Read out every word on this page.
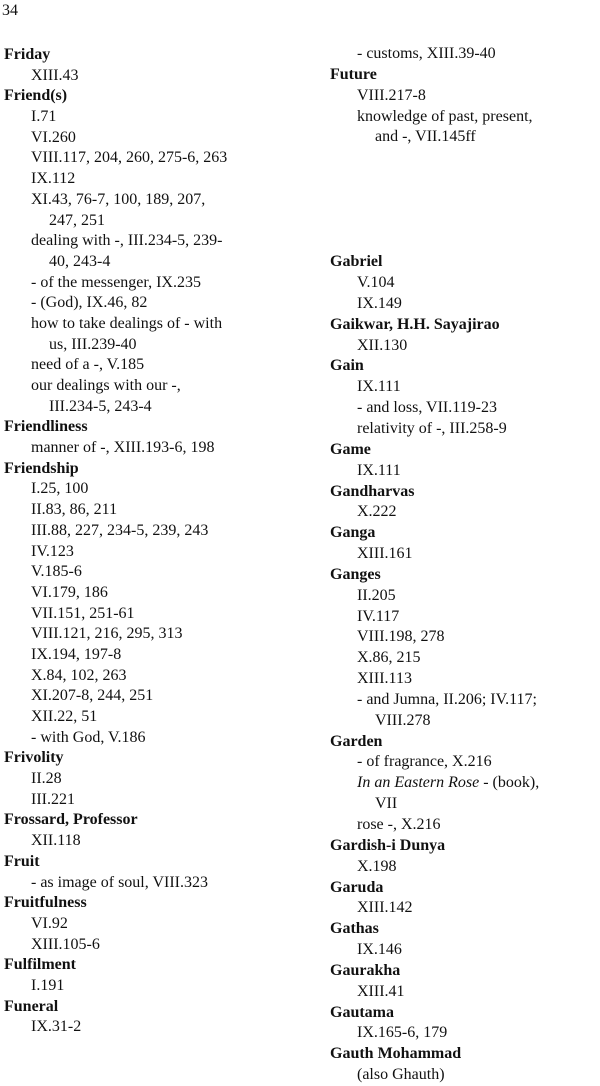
34
Friday
XIII.43
Friend(s)
I.71
VI.260
VIII.117, 204, 260, 275-6, 263
IX.112
XI.43, 76-7, 100, 189, 207,
247, 251
dealing with -, III.234-5, 239-
40, 243-4
- of the messenger, IX.235
- (God), IX.46, 82
how to take dealings of - with
us, III.239-40
need of a -, V.185
our dealings with our -,
III.234-5, 243-4
Friendliness
manner of -, XIII.193-6, 198
Friendship
I.25, 100
II.83, 86, 211
III.88, 227, 234-5, 239, 243
IV.123
V.185-6
VI.179, 186
VII.151, 251-61
VIII.121, 216, 295, 313
IX.194, 197-8
X.84, 102, 263
XI.207-8, 244, 251
XII.22, 51
- with God, V.186
Frivolity
II.28
III.221
Frossard, Professor
XII.118
Fruit
- as image of soul, VIII.323
Fruitfulness
VI.92
XIII.105-6
Fulfilment
I.191
Funeral
IX.31-2
- customs, XIII.39-40
Future
VIII.217-8
knowledge of past, present,
and -, VII.145ff
Gabriel
V.104
IX.149
Gaikwar, H.H. Sayajirao
XII.130
Gain
IX.111
- and loss, VII.119-23
relativity of -, III.258-9
Game
IX.111
Gandharvas
X.222
Ganga
XIII.161
Ganges
II.205
IV.117
VIII.198, 278
X.86, 215
XIII.113
- and Jumna, II.206; IV.117;
VIII.278
Garden
- of fragrance, X.216
In an Eastern Rose - (book),
VII
rose -, X.216
Gardish-i Dunya
X.198
Garuda
XIII.142
Gathas
IX.146
Gaurakha
XIII.41
Gautama
IX.165-6, 179
Gauth Mohammad
(also Ghauth)
